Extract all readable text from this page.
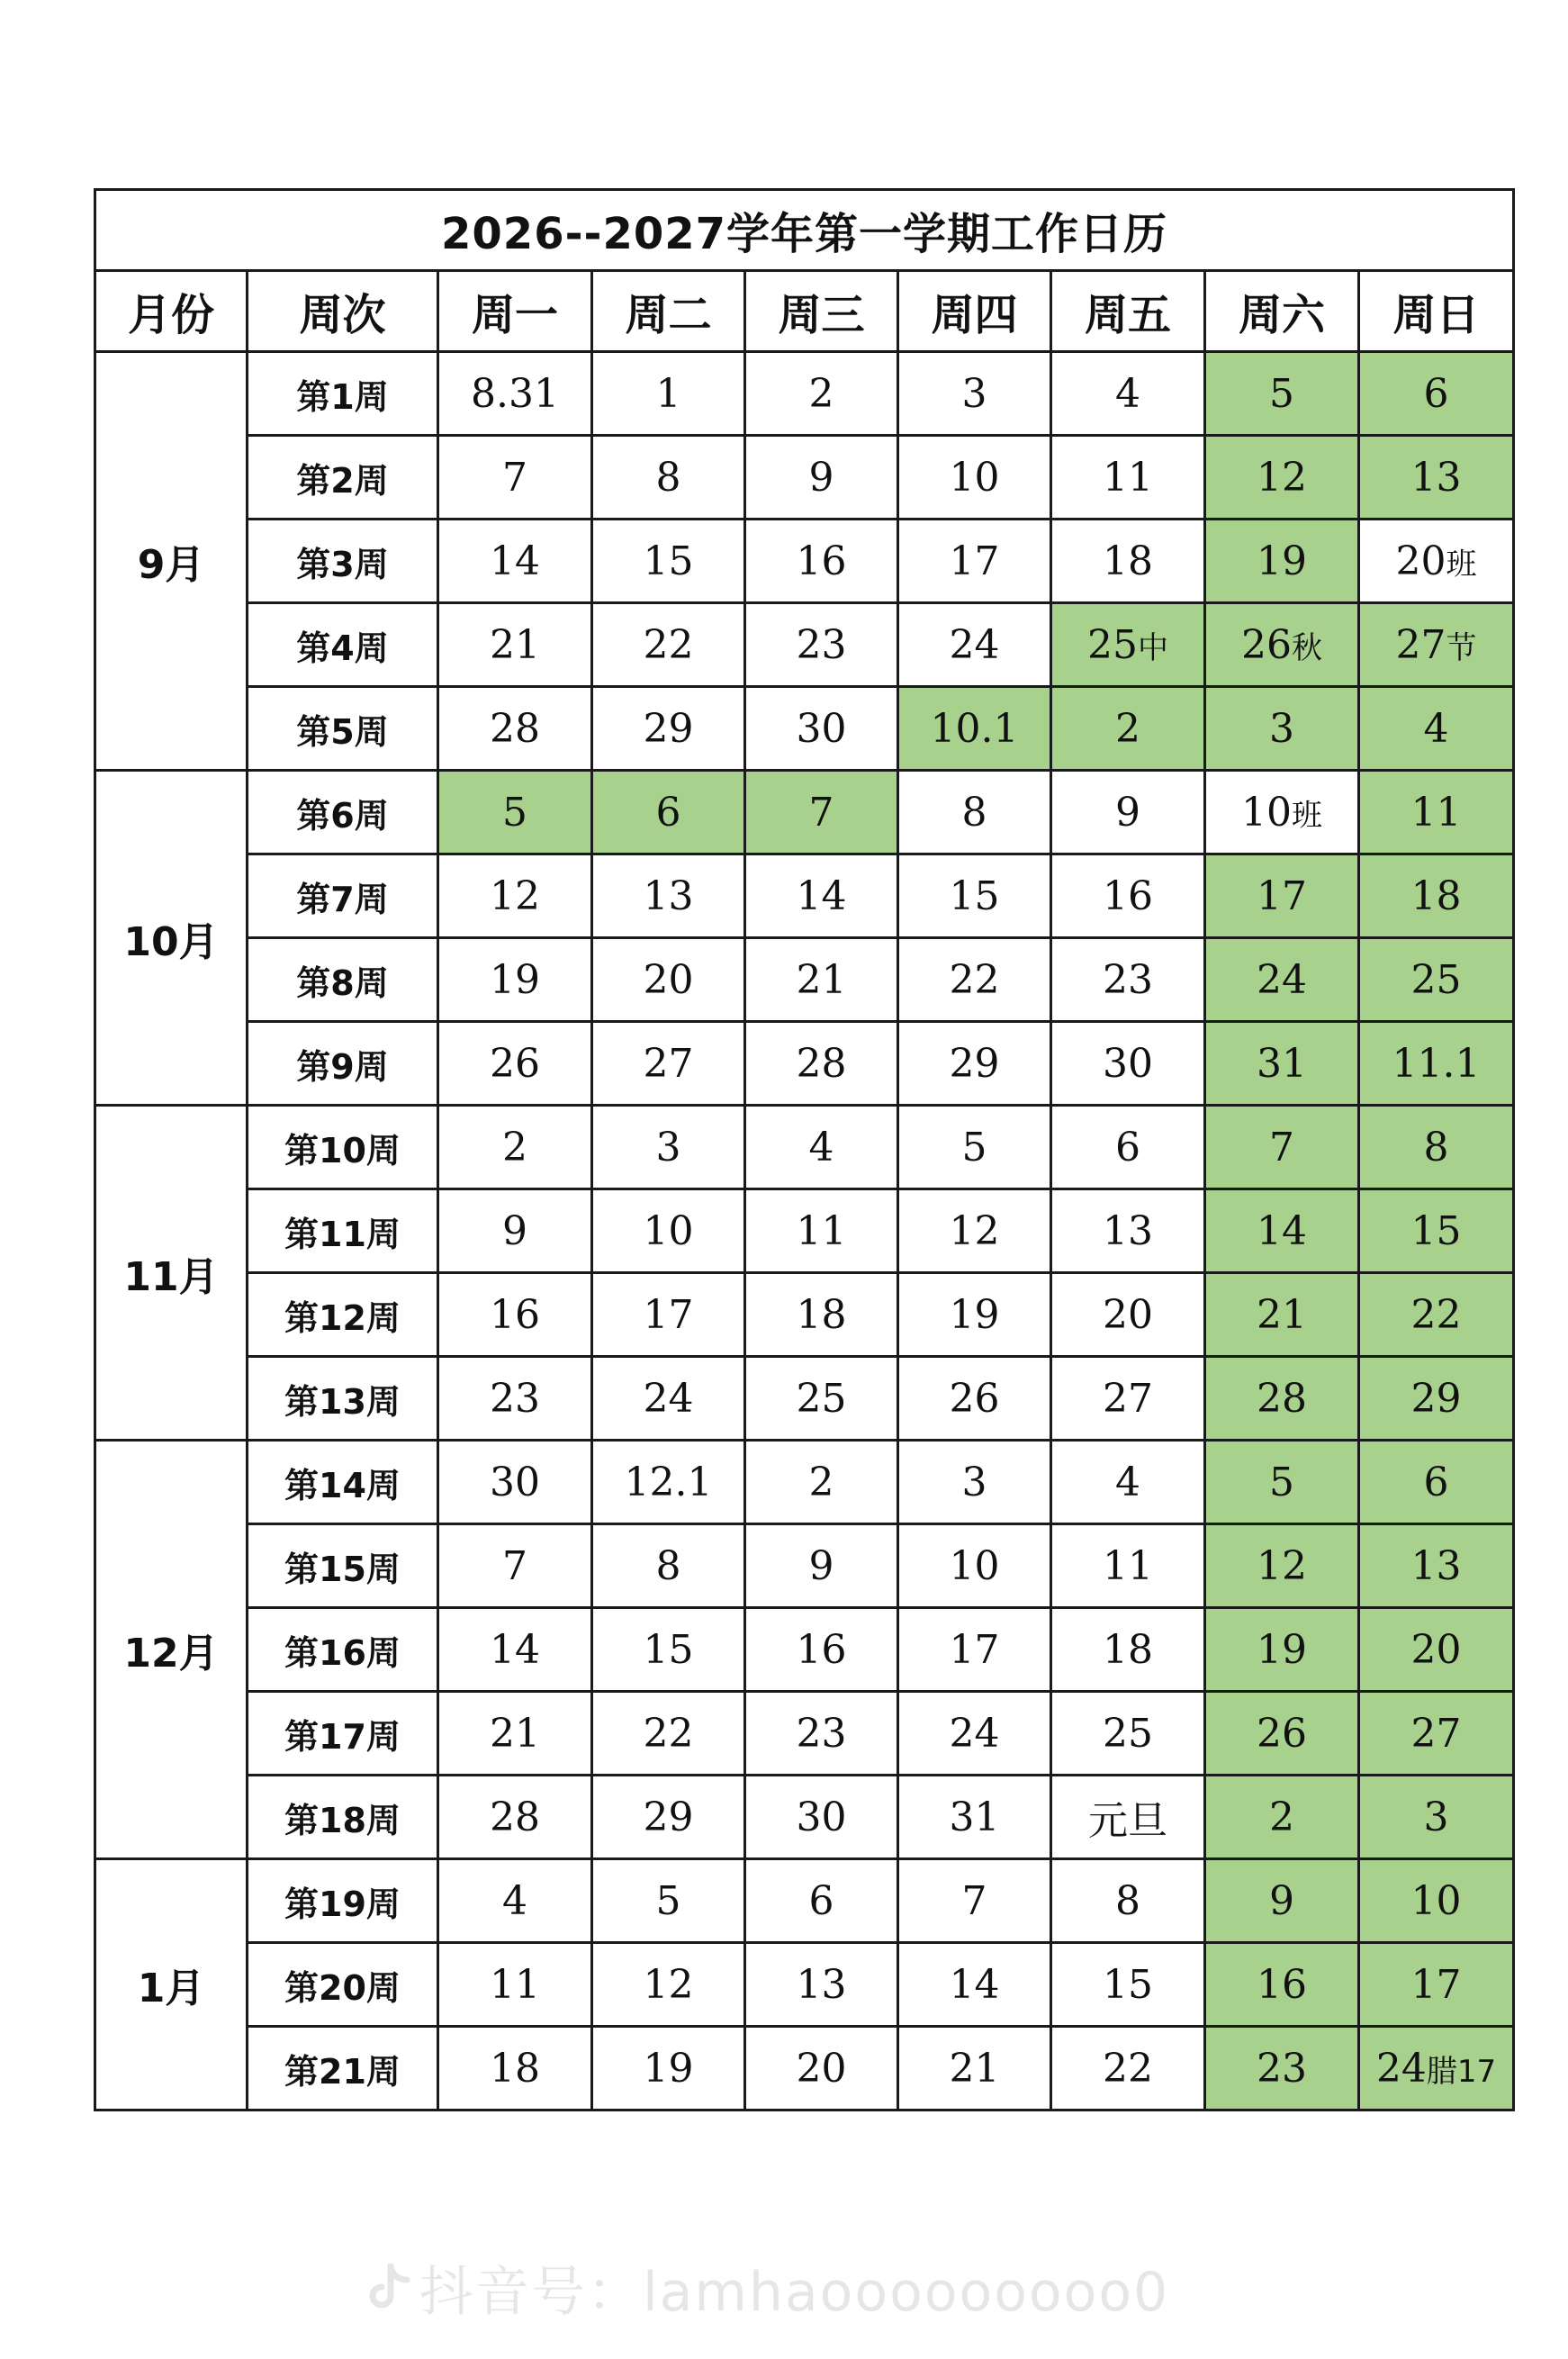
2026--2027学年第一学期工作日历								
月份	周次	周一	周二	周三	周四	周五	周六	周日
9月	第1周	8.31	1	2	3	4	5	6
	第2周	7	8	9	10	11	12	13
	第3周	14	15	16	17	18	19	20班
	第4周	21	22	23	24	25中	26秋	27节
	第5周	28	29	30	10.1	2	3	4
10月	第6周	5	6	7	8	9	10班	11
	第7周	12	13	14	15	16	17	18
	第8周	19	20	21	22	23	24	25
	第9周	26	27	28	29	30	31	11.1
11月	第10周	2	3	4	5	6	7	8
	第11周	9	10	11	12	13	14	15
	第12周	16	17	18	19	20	21	22
	第13周	23	24	25	26	27	28	29
12月	第14周	30	12.1	2	3	4	5	6
	第15周	7	8	9	10	11	12	13
	第16周	14	15	16	17	18	19	20
	第17周	21	22	23	24	25	26	27
	第18周	28	29	30	31	元旦	2	3
1月	第19周	4	5	6	7	8	9	10
	第20周	11	12	13	14	15	16	17
	第21周	18	19	20	21	22	23	24腊17
抖音号：lamhaooooooooo0
